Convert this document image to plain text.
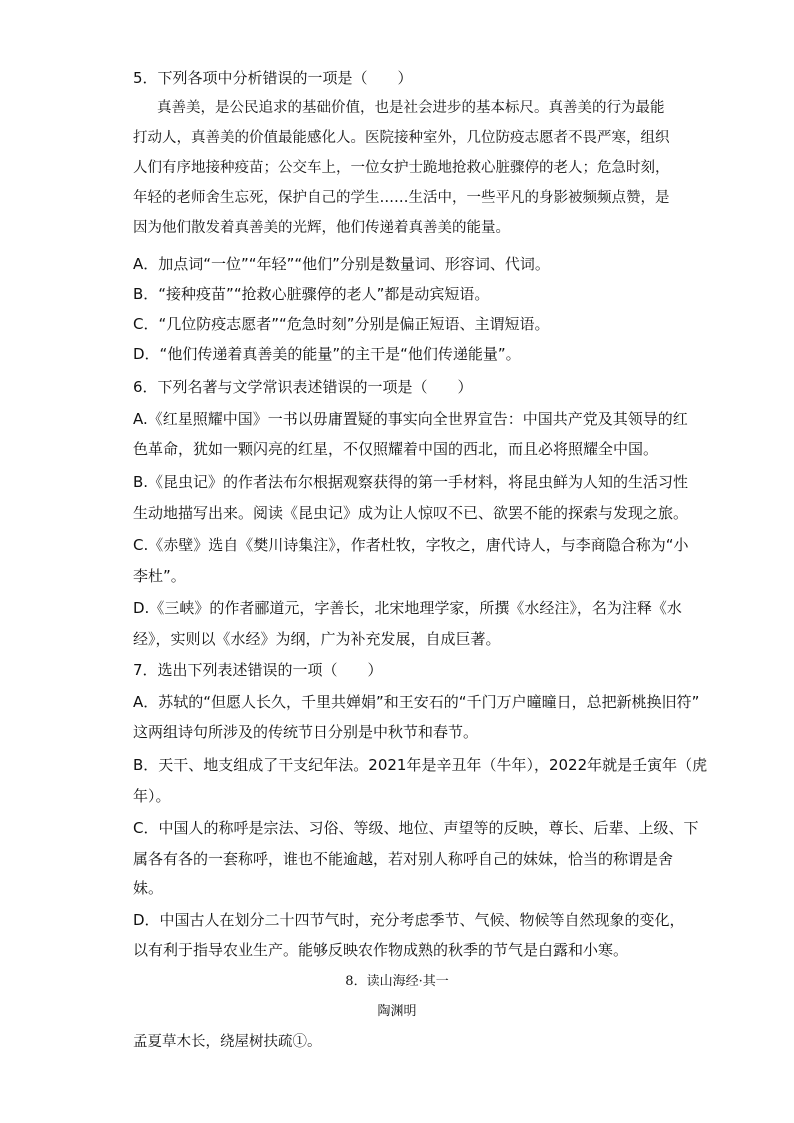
5．下列各项中分析错误的一项是（　　）
真善美，是公民追求的基础价值，也是社会进步的基本标尺。真善美的行为最能
打动人，真善美的价值最能感化人。医院接种室外，几位防疫志愿者不畏严寒，组织
人们有序地接种疫苗；公交车上，一位女护士跪地抢救心脏骤停的老人；危急时刻，
年轻的老师舍生忘死，保护自己的学生……生活中，一些平凡的身影被频频点赞，是
因为他们散发着真善美的光辉，他们传递着真善美的能量。
A．加点词“一位”“年轻”“他们”分别是数量词、形容词、代词。
B．“接种疫苗”“抢救心脏骤停的老人”都是动宾短语。
C．“几位防疫志愿者”“危急时刻”分别是偏正短语、主谓短语。
D．“他们传递着真善美的能量”的主干是“他们传递能量”。
6．下列名著与文学常识表述错误的一项是（　　）
A.《红星照耀中国》一书以毋庸置疑的事实向全世界宣告：中国共产党及其领导的红
色革命，犹如一颗闪亮的红星，不仅照耀着中国的西北，而且必将照耀全中国。
B.《昆虫记》的作者法布尔根据观察获得的第一手材料，将昆虫鲜为人知的生活习性
生动地描写出来。阅读《昆虫记》成为让人惊叹不已、欲罢不能的探索与发现之旅。
C.《赤壁》选自《樊川诗集注》，作者杜牧，字牧之，唐代诗人，与李商隐合称为“小
李杜”。
D.《三峡》的作者郦道元，字善长，北宋地理学家，所撰《水经注》，名为注释《水
经》，实则以《水经》为纲，广为补充发展，自成巨著。
7．选出下列表述错误的一项（　　）
A．苏轼的“但愿人长久，千里共婵娟”和王安石的“千门万户曈曈日，总把新桃换旧符”
这两组诗句所涉及的传统节日分别是中秋节和春节。
B．天干、地支组成了干支纪年法。2021年是辛丑年（牛年），2022年就是壬寅年（虎
年）。
C．中国人的称呼是宗法、习俗、等级、地位、声望等的反映，尊长、后辈、上级、下
属各有各的一套称呼，谁也不能逾越，若对别人称呼自己的妹妹，恰当的称谓是舍
妹。
D．中国古人在划分二十四节气时，充分考虑季节、气候、物候等自然现象的变化，
以有利于指导农业生产。能够反映农作物成熟的秋季的节气是白露和小寒。
8．读山海经·其一
陶渊明
孟夏草木长，绕屋树扶疏①。
